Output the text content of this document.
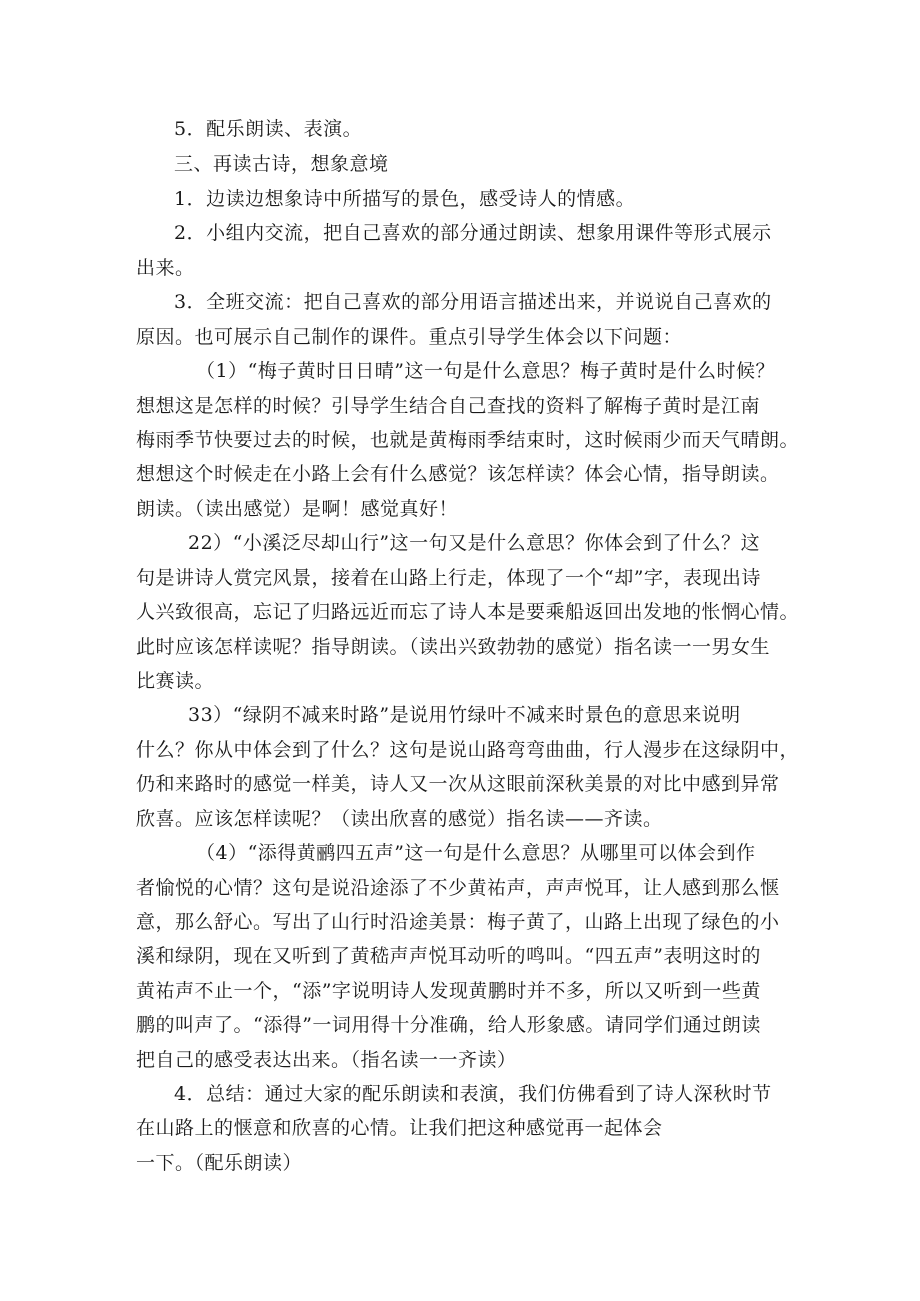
5．配乐朗读、表演。
三、再读古诗，想象意境
1．边读边想象诗中所描写的景色，感受诗人的情感。
2．小组内交流，把自己喜欢的部分通过朗读、想象用课件等形式展示
出来。
3．全班交流：把自己喜欢的部分用语言描述出来，并说说自己喜欢的
原因。也可展示自己制作的课件。重点引导学生体会以下问题：
（1）“梅子黄时日日晴”这一句是什么意思？梅子黄时是什么时候？
想想这是怎样的时候？引导学生结合自己查找的资料了解梅子黄时是江南
梅雨季节快要过去的时候，也就是黄梅雨季结束时，这时候雨少而天气晴朗。
想想这个时候走在小路上会有什么感觉？该怎样读？体会心情，指导朗读。
朗读。（读出感觉）是啊！感觉真好！
22）“小溪泛尽却山行”这一句又是什么意思？你体会到了什么？这
句是讲诗人赏完风景，接着在山路上行走，体现了一个“却”字，表现出诗
人兴致很高，忘记了归路远近而忘了诗人本是要乘船返回出发地的怅惘心情。
此时应该怎样读呢？指导朗读。（读出兴致勃勃的感觉）指名读一一男女生
比赛读。
33）“绿阴不减来时路”是说用竹绿叶不减来时景色的意思来说明
什么？你从中体会到了什么？这句是说山路弯弯曲曲，行人漫步在这绿阴中，
仍和来路时的感觉一样美，诗人又一次从这眼前深秋美景的对比中感到异常
欣喜。应该怎样读呢？（读出欣喜的感觉）指名读——齐读。
（4）“添得黄鹂四五声”这一句是什么意思？从哪里可以体会到作
者愉悦的心情？这句是说沿途添了不少黄祐声，声声悦耳，让人感到那么惬
意，那么舒心。写出了山行时沿途美景：梅子黄了，山路上出现了绿色的小
溪和绿阴，现在又听到了黄嵇声声悦耳动听的鸣叫。“四五声”表明这时的
黄祐声不止一个，“添”字说明诗人发现黄鹏时并不多，所以又听到一些黄
鹏的叫声了。“添得”一词用得十分准确，给人形象感。请同学们通过朗读
把自己的感受表达出来。（指名读一一齐读）
4．总结：通过大家的配乐朗读和表演，我们仿佛看到了诗人深秋时节
在山路上的惬意和欣喜的心情。让我们把这种感觉再一起体会
一下。（配乐朗读）
